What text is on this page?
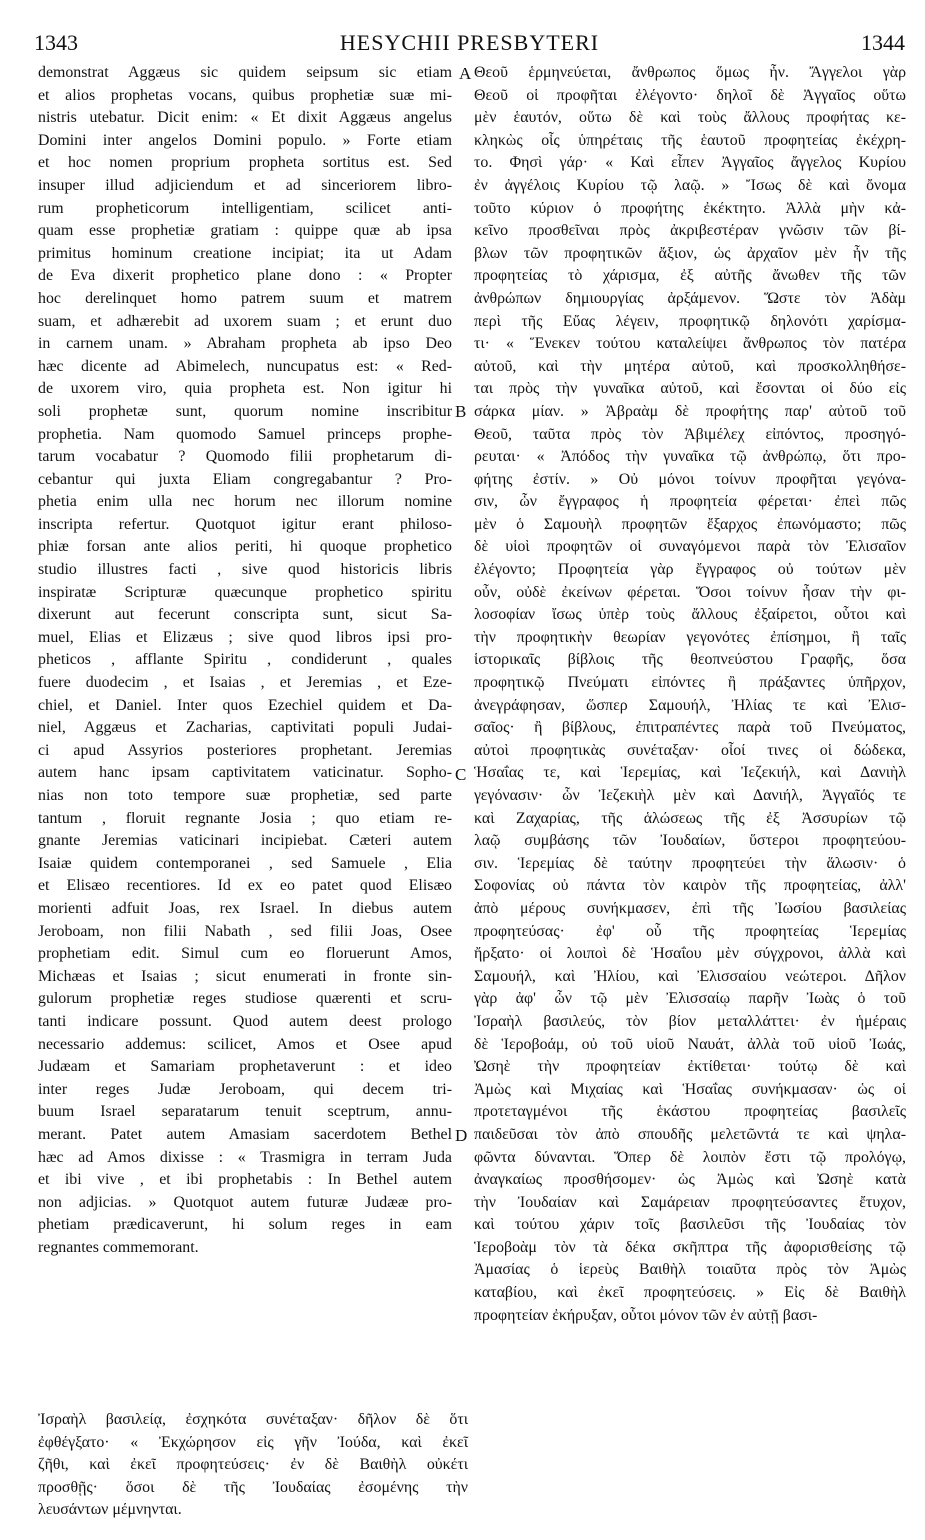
1343	HESYCHII PRESBYTERI	1344
demonstrat Aggæus sic quidem seipsum sic etiam
et alios prophetas vocans, quibus prophetiæ suæ mi-
nistris utebatur. Dicit enim: « Et dixit Aggæus angelus
Domini inter angelos Domini populo. » Forte etiam
et hoc nomen proprium propheta sortitus est. Sed
insuper illud adjiciendum et ad sinceriorem libro-
rum propheticorum intelligentiam, scilicet anti-
quam esse prophetiæ gratiam : quippe quæ ab ipsa
primitus hominum creatione incipiat; ita ut Adam
de Eva dixerit prophetico plane dono : « Propter
hoc derelinquet homo patrem suum et matrem
suam, et adhærebit ad uxorem suam ; et erunt duo
in carnem unam. » Abraham propheta ab ipso Deo
hæc dicente ad Abimelech, nuncupatus est: « Red-
de uxorem viro, quia propheta est. Non igitur hi
soli prophetæ sunt, quorum nomine inscribitur
prophetia. Nam quomodo Samuel princeps prophe-
tarum vocabatur ? Quomodo filii prophetarum di-
cebantur qui juxta Eliam congregabantur ? Pro-
phetia enim ulla nec horum nec illorum nomine
inscripta refertur. Quotquot igitur erant philoso-
phiæ forsan ante alios periti, hi quoque prophetico
studio illustres facti , sive quod historicis libris
inspiratæ Scripturæ quæcunque prophetico spiritu
dixerunt aut fecerunt conscripta sunt, sicut Sa-
muel, Elias et Elizæus ; sive quod libros ipsi pro-
pheticos , afflante Spiritu , condiderunt , quales
fuere duodecim , et Isaias , et Jeremias , et Eze-
chiel, et Daniel. Inter quos Ezechiel quidem et Da-
niel, Aggæus et Zacharias, captivitati populi Judai-
ci apud Assyrios posteriores prophetant. Jeremias
autem hanc ipsam captivitatem vaticinatur. Sopho-
nias non toto tempore suæ prophetiæ, sed parte
tantum , floruit regnante Josia ; quo etiam re-
gnante Jeremias vaticinari incipiebat. Cæteri autem
Isaiæ quidem contemporanei , sed Samuele , Elia
et Elisæo recentiores. Id ex eo patet quod Elisæo
morienti adfuit Joas, rex Israel. In diebus autem
Jeroboam, non filii Nabath , sed filii Joas, Osee
prophetiam edit. Simul cum eo floruerunt Amos,
Michæas et Isaias ; sicut enumerati in fronte sin-
gulorum prophetiæ reges studiose quærenti et scru-
tanti indicare possunt. Quod autem deest prologo
necessario addemus: scilicet, Amos et Osee apud
Judæam et Samariam prophetaverunt : et ideo
inter reges Judæ Jeroboam, qui decem tri-
buum Israel separatarum tenuit sceptrum, annu-
merant. Patet autem Amasiam sacerdotem Bethel
hæc ad Amos dixisse : « Trasmigra in terram Juda
et ibi vive , et ibi prophetabis : In Bethel autem
non adjicias. » Quotquot autem futuræ Judææ pro-
phetiam prædicaverunt, hi solum reges in eam
regnantes commemorant.
Θεοῦ ἑρμηνεύεται, ἄνθρωπος ὅμως ἦν. Ἄγγελοι γὰρ
Θεοῦ οἱ προφῆται ἐλέγοντο· δηλοῖ δὲ Ἀγγαῖος οὕτω
μὲν ἑαυτόν, οὕτω δὲ καὶ τοὺς ἄλλους προφήτας κε-
κληκὼς οἷς ὑπηρέταις τῆς ἑαυτοῦ προφητείας ἐκέχρη-
το. Φησὶ γάρ· « Καὶ εἶπεν Ἀγγαῖος ἄγγελος Κυρίου
ἐν ἀγγέλοις Κυρίου τῷ λαῷ. » Ἴσως δὲ καὶ ὄνομα
τοῦτο κύριον ὁ προφήτης ἐκέκτητο. Ἀλλὰ μὴν κἀ-
κεῖνο προσθεῖναι πρὸς ἀκριβεστέραν γνῶσιν τῶν βί-
βλων τῶν προφητικῶν ἄξιον, ὡς ἀρχαῖον μὲν ἦν τῆς
προφητείας τὸ χάρισμα, ἐξ αὐτῆς ἄνωθεν τῆς τῶν
ἀνθρώπων δημιουργίας ἀρξάμενον. Ὥστε τὸν Ἀδὰμ
περὶ τῆς Εὔας λέγειν, προφητικῷ δηλονότι χαρίσμα-
τι· « Ἕνεκεν τούτου καταλείψει ἄνθρωπος τὸν πατέρα
αὐτοῦ, καὶ τὴν μητέρα αὐτοῦ, καὶ προσκολληθήσε-
ται πρὸς τὴν γυναῖκα αὐτοῦ, καὶ ἔσονται οἱ δύο εἰς
σάρκα μίαν. » Ἀβραὰμ δὲ προφήτης παρ' αὐτοῦ τοῦ
Θεοῦ, ταῦτα πρὸς τὸν Ἀβιμέλεχ εἰπόντος, προσηγό-
ρευται· « Ἀπόδος τὴν γυναῖκα τῷ ἀνθρώπῳ, ὅτι προ-
φήτης ἐστίν. » Οὐ μόνοι τοίνυν προφῆται γεγόνα-
σιν, ὧν ἔγγραφος ἡ προφητεία φέρεται· ἐπεὶ πῶς
μὲν ὁ Σαμουὴλ προφητῶν ἔξαρχος ἐπωνόμαστο; πῶς
δὲ υἱοὶ προφητῶν οἱ συναγόμενοι παρὰ τὸν Ἐλισαῖον
ἐλέγοντο; Προφητεία γὰρ ἔγγραφος οὐ τούτων μὲν
οὖν, οὐδὲ ἐκείνων φέρεται. Ὅσοι τοίνυν ἦσαν τὴν φι-
λοσοφίαν ἴσως ὑπὲρ τοὺς ἄλλους ἐξαίρετοι, οὗτοι καὶ
τὴν προφητικὴν θεωρίαν γεγονότες ἐπίσημοι, ἢ ταῖς
ἱστορικαῖς βίβλοις τῆς θεοπνεύστου Γραφῆς, ὅσα
προφητικῷ Πνεύματι εἰπόντες ἢ πράξαντες ὑπῆρχον,
ἀνεγράφησαν, ὥσπερ Σαμουήλ, Ἠλίας τε καὶ Ἐλισ-
σαῖος· ἢ βίβλους, ἐπιτραπέντες παρὰ τοῦ Πνεύματος,
αὐτοὶ προφητικὰς συνέταξαν· οἷοί τινες οἱ δώδεκα,
Ἡσαΐας τε, καὶ Ἱερεμίας, καὶ Ἰεζεκιήλ, καὶ Δανιὴλ
γεγόνασιν· ὧν Ἰεζεκιὴλ μὲν καὶ Δανιήλ, Ἀγγαῖός τε
καὶ Ζαχαρίας, τῆς ἁλώσεως τῆς ἐξ Ἀσσυρίων τῷ
λαῷ συμβάσης τῶν Ἰουδαίων, ὕστεροι προφητεύου-
σιν. Ἱερεμίας δὲ ταύτην προφητεύει τὴν ἅλωσιν· ὁ
Σοφονίας οὐ πάντα τὸν καιρὸν τῆς προφητείας, ἀλλ'
ἀπὸ μέρους συνήκμασεν, ἐπὶ τῆς Ἰωσίου βασιλείας
προφητεύσας· ἐφ' οὗ τῆς προφητείας Ἱερεμίας
ἤρξατο· οἱ λοιποὶ δὲ Ἡσαΐου μὲν σύγχρονοι, ἀλλὰ καὶ
Σαμουήλ, καὶ Ἠλίου, καὶ Ἐλισσαίου νεώτεροι. Δῆλον
γὰρ ἀφ' ὧν τῷ μὲν Ἐλισσαίῳ παρῆν Ἰωὰς ὁ τοῦ
Ἰσραὴλ βασιλεύς, τὸν βίον μεταλλάττει· ἐν ἡμέραις
δὲ Ἱεροβοάμ, οὐ τοῦ υἱοῦ Ναυάτ, ἀλλὰ τοῦ υἱοῦ Ἰωάς,
Ὠσηὲ τὴν προφητείαν ἐκτίθεται· τούτῳ δὲ καὶ
Ἀμὼς καὶ Μιχαίας καὶ Ἡσαΐας συνήκμασαν· ὡς οἱ
προτεταγμένοι τῆς ἑκάστου προφητείας βασιλεῖς
παιδεῦσαι τὸν ἀπὸ σπουδῆς μελετῶντά τε καὶ ψηλα-
φῶντα δύνανται. Ὅπερ δὲ λοιπὸν ἔστι τῷ προλόγῳ,
ἀναγκαίως προσθήσομεν· ὡς Ἀμὼς καὶ Ὠσηὲ κατὰ
τὴν Ἰουδαίαν καὶ Σαμάρειαν προφητεύσαντες ἔτυχον,
καὶ τούτου χάριν τοῖς βασιλεῦσι τῆς Ἰουδαίας τὸν
Ἱεροβοὰμ τὸν τὰ δέκα σκῆπτρα τῆς ἀφορισθείσης τῷ
Ἀμασίας ὁ ἱερεὺς Βαιθὴλ τοιαῦτα πρὸς τὸν Ἀμὼς
καταβίου, καὶ ἐκεῖ προφητεύσεις. » Εἰς δὲ Βαιθὴλ
προφητείαν ἐκήρυξαν, οὗτοι μόνον τῶν ἐν αὐτῇ βασι-
A
B
C
D
Ἰσραὴλ βασιλείᾳ, ἐσχηκότα συνέταξαν· δῆλον δὲ ὅτι
ἐφθέγξατο· « Ἐκχώρησον εἰς γῆν Ἰούδα, καὶ ἐκεῖ
ζῆθι, καὶ ἐκεῖ προφητεύσεις· ἐν δὲ Βαιθὴλ οὐκέτι
προσθῇς· ὅσοι δὲ τῆς Ἰουδαίας ἐσομένης τὴν
λευσάντων μέμνηνται.
